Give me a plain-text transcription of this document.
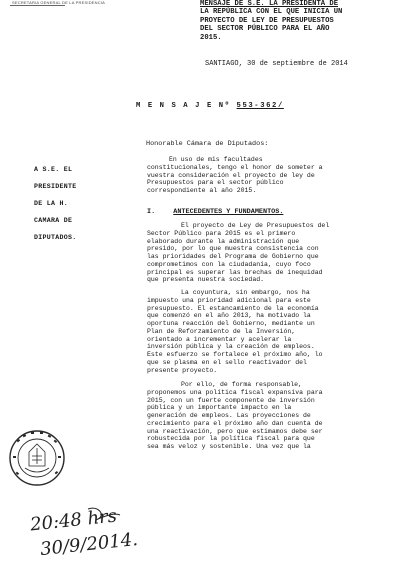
SECRETARIA GENERAL DE LA PRESIDENCIA	MENSAJE DE S.E. LA PRESIDENTA DE
LA REPÚBLICA CON EL QUE INICIA UN
PROYECTO DE LEY DE PRESUPUESTOS
DEL SECTOR PÚBLICO PARA EL AÑO
2015.
SANTIAGO, 30 de septiembre de 2014
M E N S A J E Nº 553-362/
Honorable Cámara de Diputados:
En uso de mis facultades
constitucionales, tengo el honor de someter a
vuestra consideración el proyecto de ley de
Presupuestos para el sector público
correspondiente al año 2015.
A S.E. EL
PRESIDENTE
DE LA H.
CAMARA DE
DIPUTADOS.
I.	ANTECEDENTES Y FUNDAMENTOS.
El proyecto de Ley de Presupuestos del
Sector Público para 2015 es el primero
elaborado durante la administración que
presido, por lo que muestra consistencia con
las prioridades del Programa de Gobierno que
comprometimos con la ciudadanía, cuyo foco
principal es superar las brechas de inequidad
que presenta nuestra sociedad.
La coyuntura, sin embargo, nos ha
impuesto una prioridad adicional para este
presupuesto. El estancamiento de la economía
que comenzó en el año 2013, ha motivado la
oportuna reacción del Gobierno, mediante un
Plan de Reforzamiento de la Inversión,
orientado a incrementar y acelerar la
inversión pública y la creación de empleos.
Este esfuerzo se fortalece el próximo año, lo
que se plasma en el sello reactivador del
presente proyecto.
Por ello, de forma responsable,
proponemos una política fiscal expansiva para
2015, con un fuerte componente de inversión
pública y un importante impacto en la
generación de empleos. Las proyecciones de
crecimiento para el próximo año dan cuenta de
una reactivación, pero que estimamos debe ser
robustecida por la política fiscal para que
sea más veloz y sostenible. Una vez que la
20:48 hrs
30/9/2014.
